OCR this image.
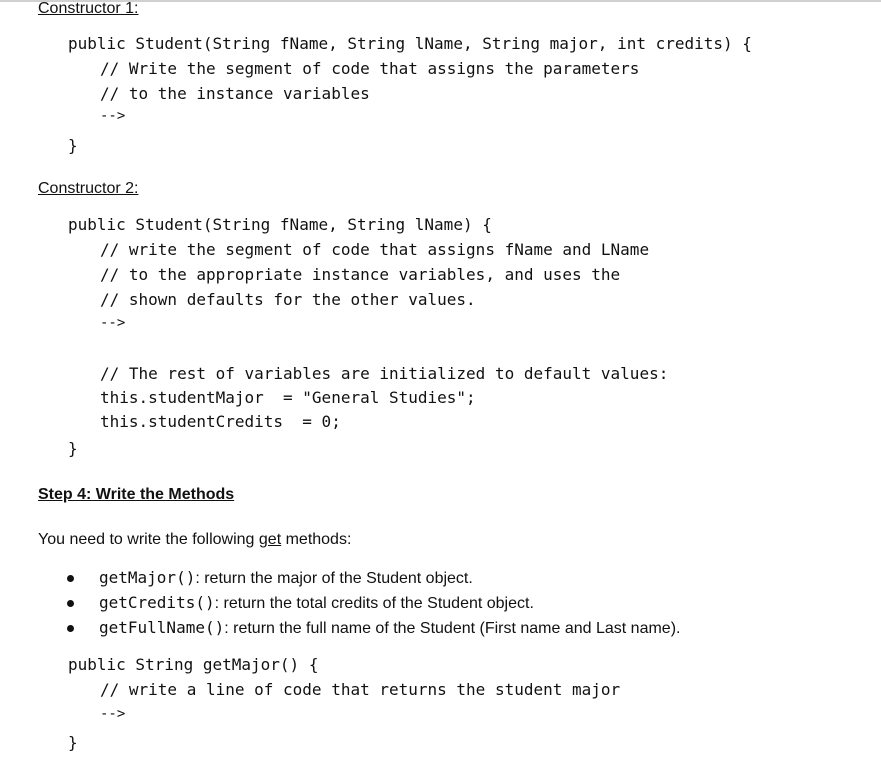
Constructor 1:
public Student(String fName, String lName, String major, int credits) {
// Write the segment of code that assigns the parameters
// to the instance variables
-->
}
Constructor 2:
public Student(String fName, String lName) {
// write the segment of code that assigns fName and LName
// to the appropriate instance variables, and uses the
// shown defaults for the other values.
-->
// The rest of variables are initialized to default values:
this.studentMajor  = "General Studies";
this.studentCredits  = 0;
}
Step 4: Write the Methods
You need to write the following get methods:
getMajor(): return the major of the Student object.
getCredits(): return the total credits of the Student object.
getFullName(): return the full name of the Student (First name and Last name).
public String getMajor() {
// write a line of code that returns the student major
-->
}
